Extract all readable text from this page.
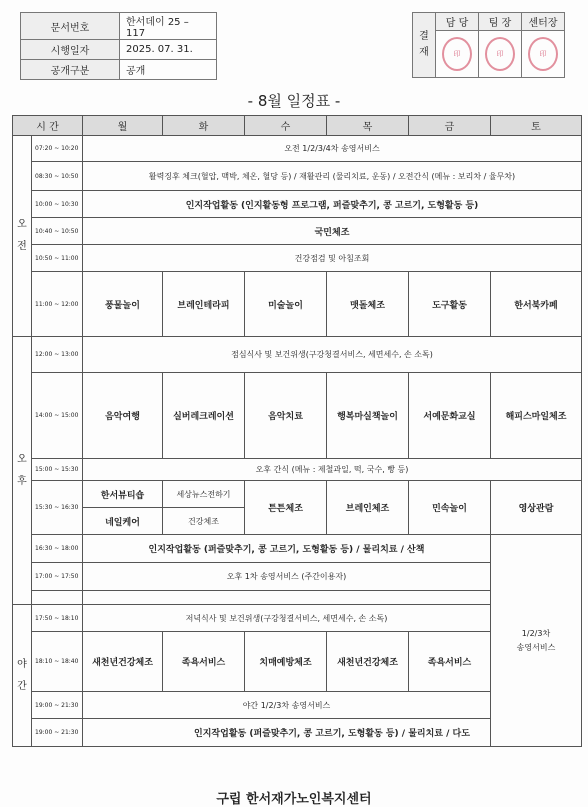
문서번호	한서데이 25 – 117
시행일자	2025. 07. 31.
공개구분	공개
결
재	담 당	팀 장	센터장
	印	印	印
- 8월 일정표 -
시 간		월	화	수	목	금	토
오
전	07:20 ~ 10:20	오전 1/2/3/4차 송영서비스					
	08:30 ~ 10:50	활력징후 체크(혈압, 맥박, 체온, 혈당 등) / 재활관리 (물리치료, 운동) / 오전간식 (메뉴 : 보리차 / 율무차)					
	10:00 ~ 10:30	인지작업활동 (인지활동형 프로그램, 퍼즐맞추기, 콩 고르기, 도형활동 등)					
	10:40 ~ 10:50	국민체조					
	10:50 ~ 11:00	건강점검 및 아침조회					
	11:00 ~ 12:00	풍물놀이	브레인테라피	미술놀이	맷돌체조	도구활동	한서북카페
오
후	12:00 ~ 13:00	점심식사 및 보건위생(구강청결서비스, 세면세수, 손 소독)					
	14:00 ~ 15:00	음악여행	실버레크레이션	음악치료	행복마실책놀이	서예문화교실	해피스마일체조
	15:00 ~ 15:30	오후 간식 (메뉴 : 제철과일, 떡, 국수, 빵 등)					
	15:30 ~ 16:30	한서뷰티숍	세상뉴스전하기	튼튼체조	브레인체조	민속놀이	영상관람
		네일케어	건강체조				
	16:30 ~ 18:00	인지작업활동 (퍼즐맞추기, 콩 고르기, 도형활동 등) / 물리치료 / 산책					1/2/3차
송영서비스
	17:00 ~ 17:50	오후 1차 송영서비스 (주간이용자)					

야
간	17:50 ~ 18:10	저녁식사 및 보건위생(구강청결서비스, 세면세수, 손 소독)					
	18:10 ~ 18:40	새천년건강체조	족욕서비스	치매예방체조	새천년건강체조	족욕서비스	
	19:00 ~ 21:30	야간 1/2/3차 송영서비스					
	19:00 ~ 21:30	인지작업활동 (퍼즐맞추기, 콩 고르기, 도형활동 등) / 물리치료 / 다도					
구립 한서재가노인복지센터
